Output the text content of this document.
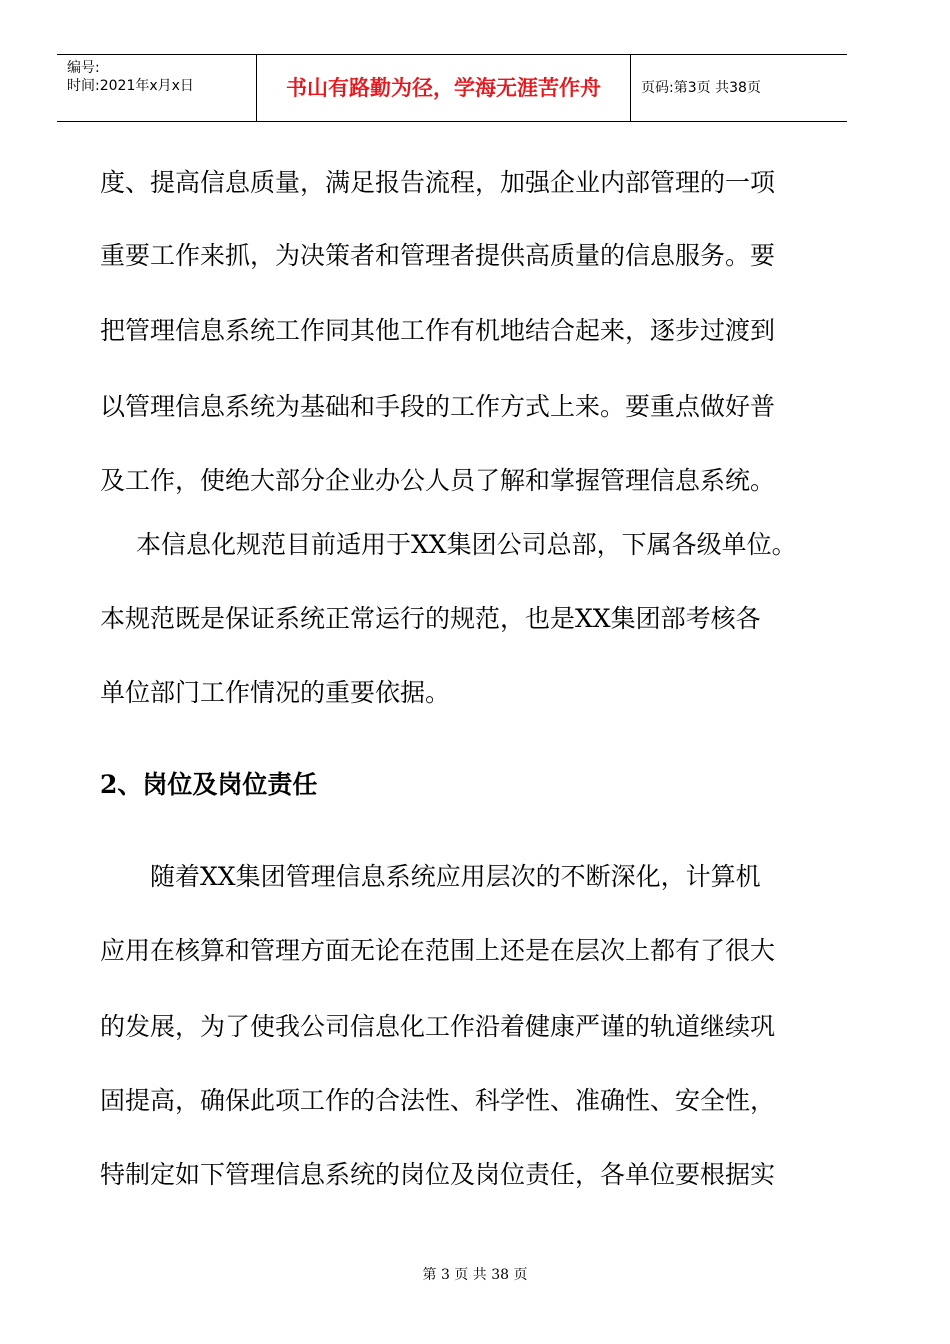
编号:
时间:2021年x月x日	书山有路勤为径，学海无涯苦作舟	页码:第3页 共38页
度、提高信息质量，满足报告流程，加强企业内部管理的一项
重要工作来抓，为决策者和管理者提供高质量的信息服务。要
把管理信息系统工作同其他工作有机地结合起来，逐步过渡到
以管理信息系统为基础和手段的工作方式上来。要重点做好普
及工作，使绝大部分企业办公人员了解和掌握管理信息系统。
本信息化规范目前适用于XX集团公司总部，下属各级单位。
本规范既是保证系统正常运行的规范，也是XX集团部考核各
单位部门工作情况的重要依据。
2、岗位及岗位责任
随着XX集团管理信息系统应用层次的不断深化，计算机
应用在核算和管理方面无论在范围上还是在层次上都有了很大
的发展，为了使我公司信息化工作沿着健康严谨的轨道继续巩
固提高，确保此项工作的合法性、科学性、准确性、安全性，
特制定如下管理信息系统的岗位及岗位责任，各单位要根据实
第 3 页 共 38 页
